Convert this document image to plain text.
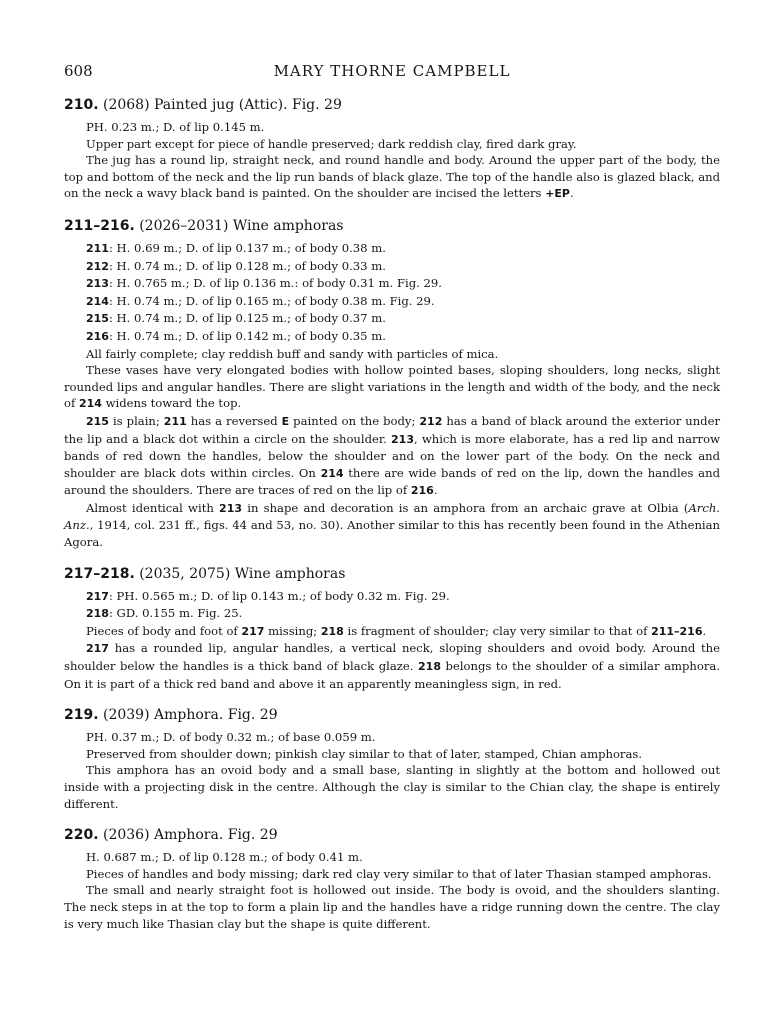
608	MARY THORNE CAMPBELL
210. (2068) Painted jug (Attic). Fig. 29

PH. 0.23 m.; D. of lip 0.145 m.

Upper part except for piece of handle preserved; dark reddish clay, fired dark gray.

The jug has a round lip, straight neck, and round handle and body. Around the upper part of the body, the top and bottom of the neck and the lip run bands of black glaze. The top of the handle also is glazed black, and on the neck a wavy black band is painted. On the shoulder are incised the letters +EP.

211–216. (2026–2031) Wine amphoras

211: H. 0.69 m.; D. of lip 0.137 m.; of body 0.38 m.

212: H. 0.74 m.; D. of lip 0.128 m.; of body 0.33 m.

213: H. 0.765 m.; D. of lip 0.136 m.: of body 0.31 m. Fig. 29.

214: H. 0.74 m.; D. of lip 0.165 m.; of body 0.38 m. Fig. 29.

215: H. 0.74 m.; D. of lip 0.125 m.; of body 0.37 m.

216: H. 0.74 m.; D. of lip 0.142 m.; of body 0.35 m.

All fairly complete; clay reddish buff and sandy with particles of mica.

These vases have very elongated bodies with hollow pointed bases, sloping shoulders, long necks, slight rounded lips and angular handles. There are slight variations in the length and width of the body, and the neck of 214 widens toward the top.

215 is plain; 211 has a reversed E painted on the body; 212 has a band of black around the exterior under the lip and a black dot within a circle on the shoulder. 213, which is more elaborate, has a red lip and narrow bands of red down the handles, below the shoulder and on the lower part of the body. On the neck and shoulder are black dots within circles. On 214 there are wide bands of red on the lip, down the handles and around the shoulders. There are traces of red on the lip of 216.

Almost identical with 213 in shape and decoration is an amphora from an archaic grave at Olbia (Arch. Anz., 1914, col. 231 ff., figs. 44 and 53, no. 30). Another similar to this has recently been found in the Athenian Agora.

217–218. (2035, 2075) Wine amphoras

217: PH. 0.565 m.; D. of lip 0.143 m.; of body 0.32 m. Fig. 29.

218: GD. 0.155 m. Fig. 25.

Pieces of body and foot of 217 missing; 218 is fragment of shoulder; clay very similar to that of 211–216.

217 has a rounded lip, angular handles, a vertical neck, sloping shoulders and ovoid body. Around the shoulder below the handles is a thick band of black glaze. 218 belongs to the shoulder of a similar amphora. On it is part of a thick red band and above it an apparently meaningless sign, in red.

219. (2039) Amphora. Fig. 29

PH. 0.37 m.; D. of body 0.32 m.; of base 0.059 m.

Preserved from shoulder down; pinkish clay similar to that of later, stamped, Chian amphoras.

This amphora has an ovoid body and a small base, slanting in slightly at the bottom and hollowed out inside with a projecting disk in the centre. Although the clay is similar to the Chian clay, the shape is entirely different.

220. (2036) Amphora. Fig. 29

H. 0.687 m.; D. of lip 0.128 m.; of body 0.41 m.

Pieces of handles and body missing; dark red clay very similar to that of later Thasian stamped amphoras.

The small and nearly straight foot is hollowed out inside. The body is ovoid, and the shoulders slanting. The neck steps in at the top to form a plain lip and the handles have a ridge running down the centre. The clay is very much like Thasian clay but the shape is quite different.
